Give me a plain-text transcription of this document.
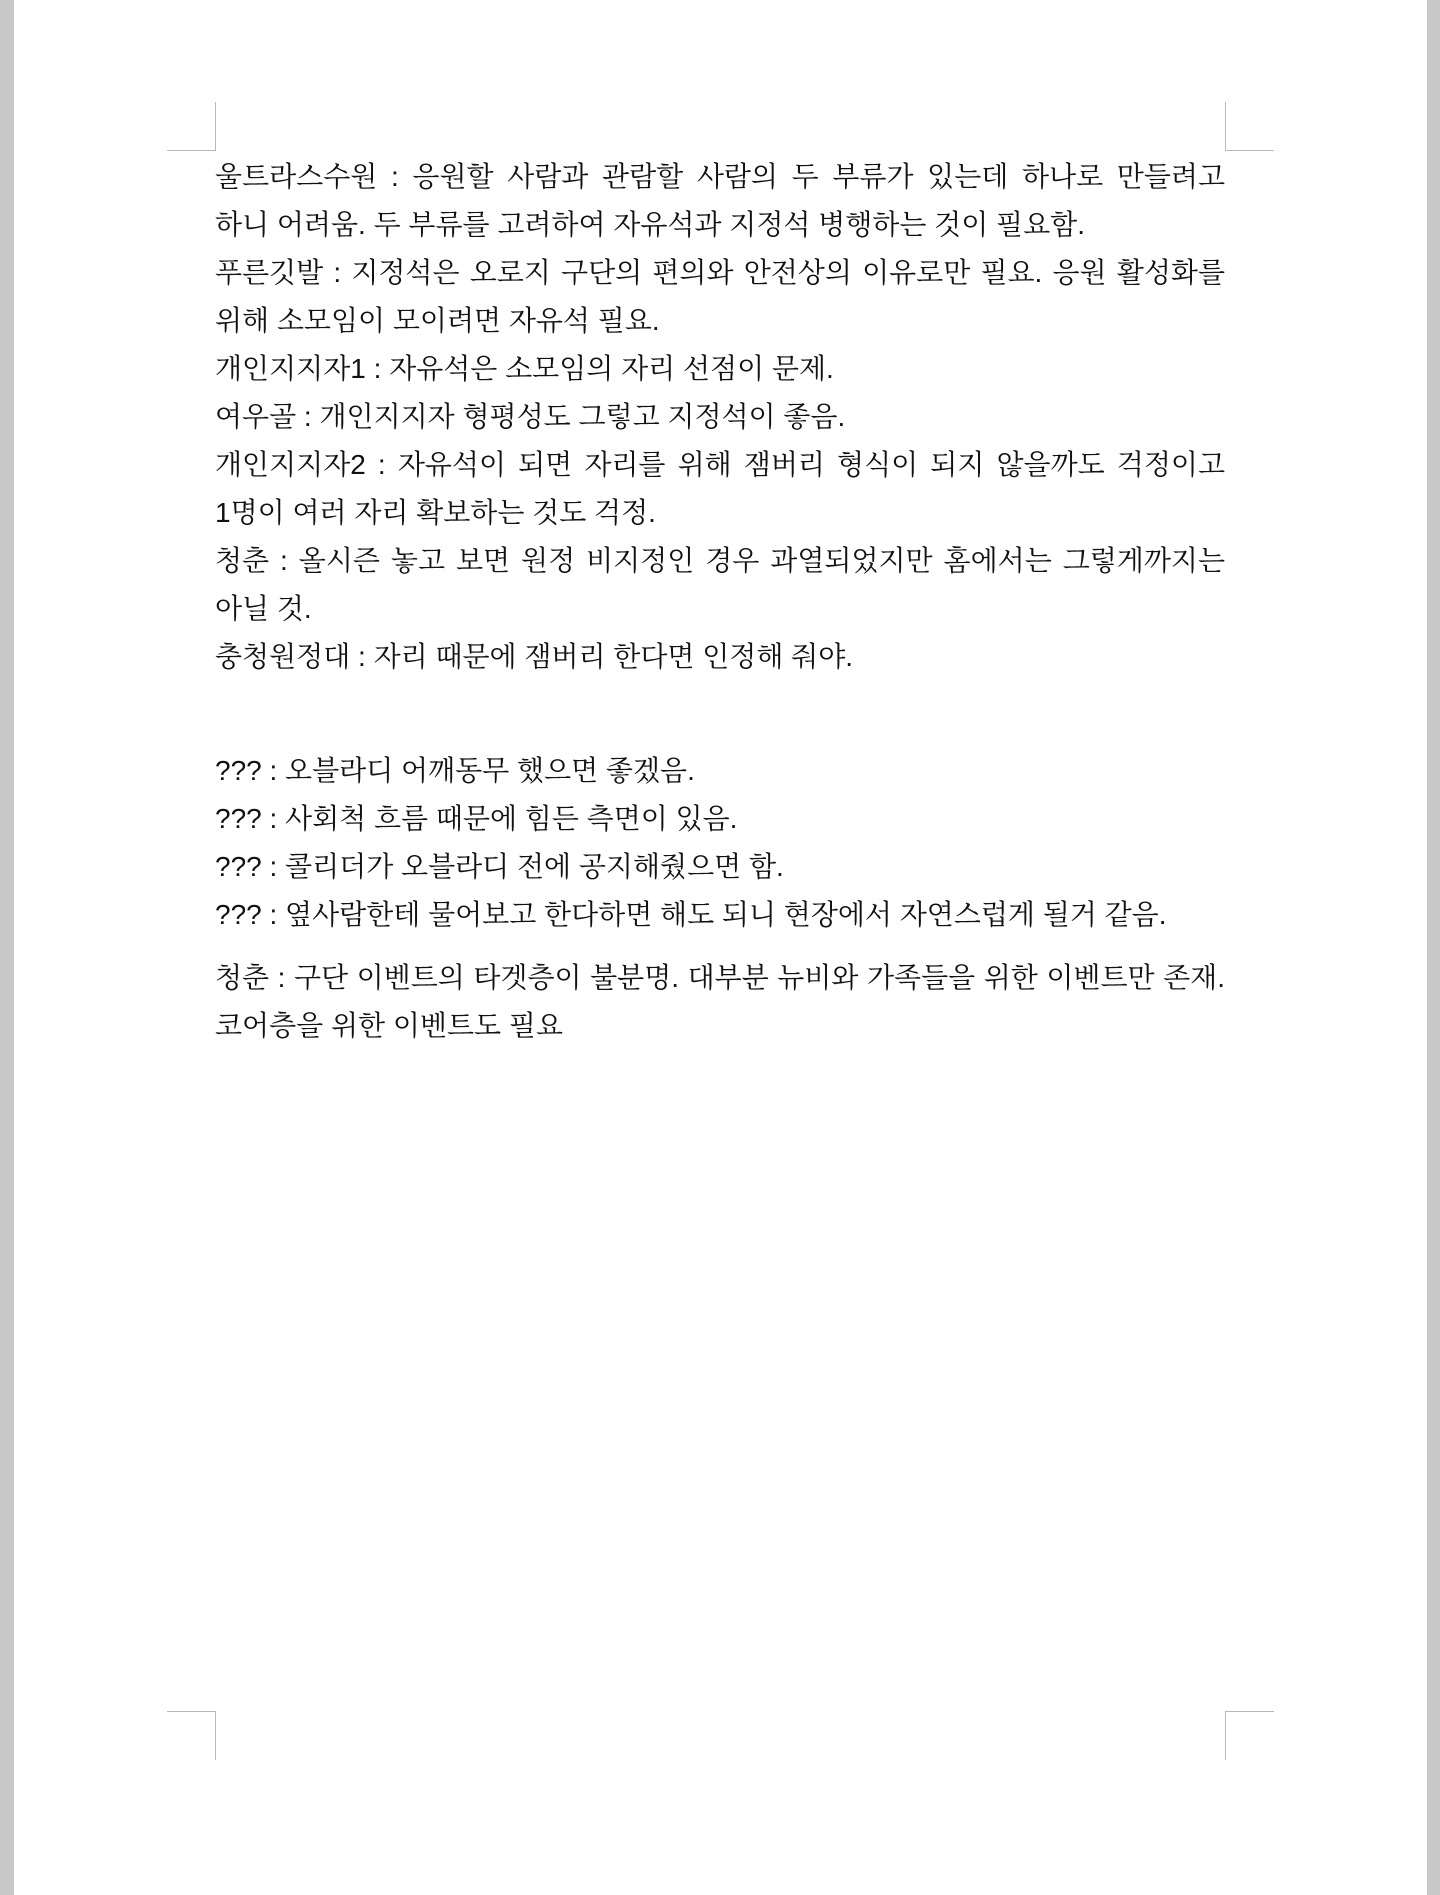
울트라스수원 : 응원할 사람과 관람할 사람의 두 부류가 있는데 하나로 만들려고 하니 어려움. 두 부류를 고려하여 자유석과 지정석 병행하는 것이 필요함.

푸른깃발 : 지정석은 오로지 구단의 편의와 안전상의 이유로만 필요. 응원 활성화를 위해 소모임이 모이려면 자유석 필요.

개인지지자1 : 자유석은 소모임의 자리 선점이 문제.

여우골 : 개인지지자 형평성도 그렇고 지정석이 좋음.

개인지지자2 : 자유석이 되면 자리를 위해 잼버리 형식이 되지 않을까도 걱정이고 1명이 여러 자리 확보하는 것도 걱정.

청춘 : 올시즌 놓고 보면 원정 비지정인 경우 과열되었지만 홈에서는 그렇게까지는 아닐 것.

충청원정대 : 자리 때문에 잼버리 한다면 인정해 줘야.

??? : 오블라디 어깨동무 했으면 좋겠음.

??? : 사회척 흐름 때문에 힘든 측면이 있음.

??? : 콜리더가 오블라디 전에 공지해줬으면 함.

??? : 옆사람한테 물어보고 한다하면 해도 되니 현장에서 자연스럽게 될거 같음.

청춘 : 구단 이벤트의 타겟층이 불분명. 대부분 뉴비와 가족들을 위한 이벤트만 존재. 코어층을 위한 이벤트도 필요
